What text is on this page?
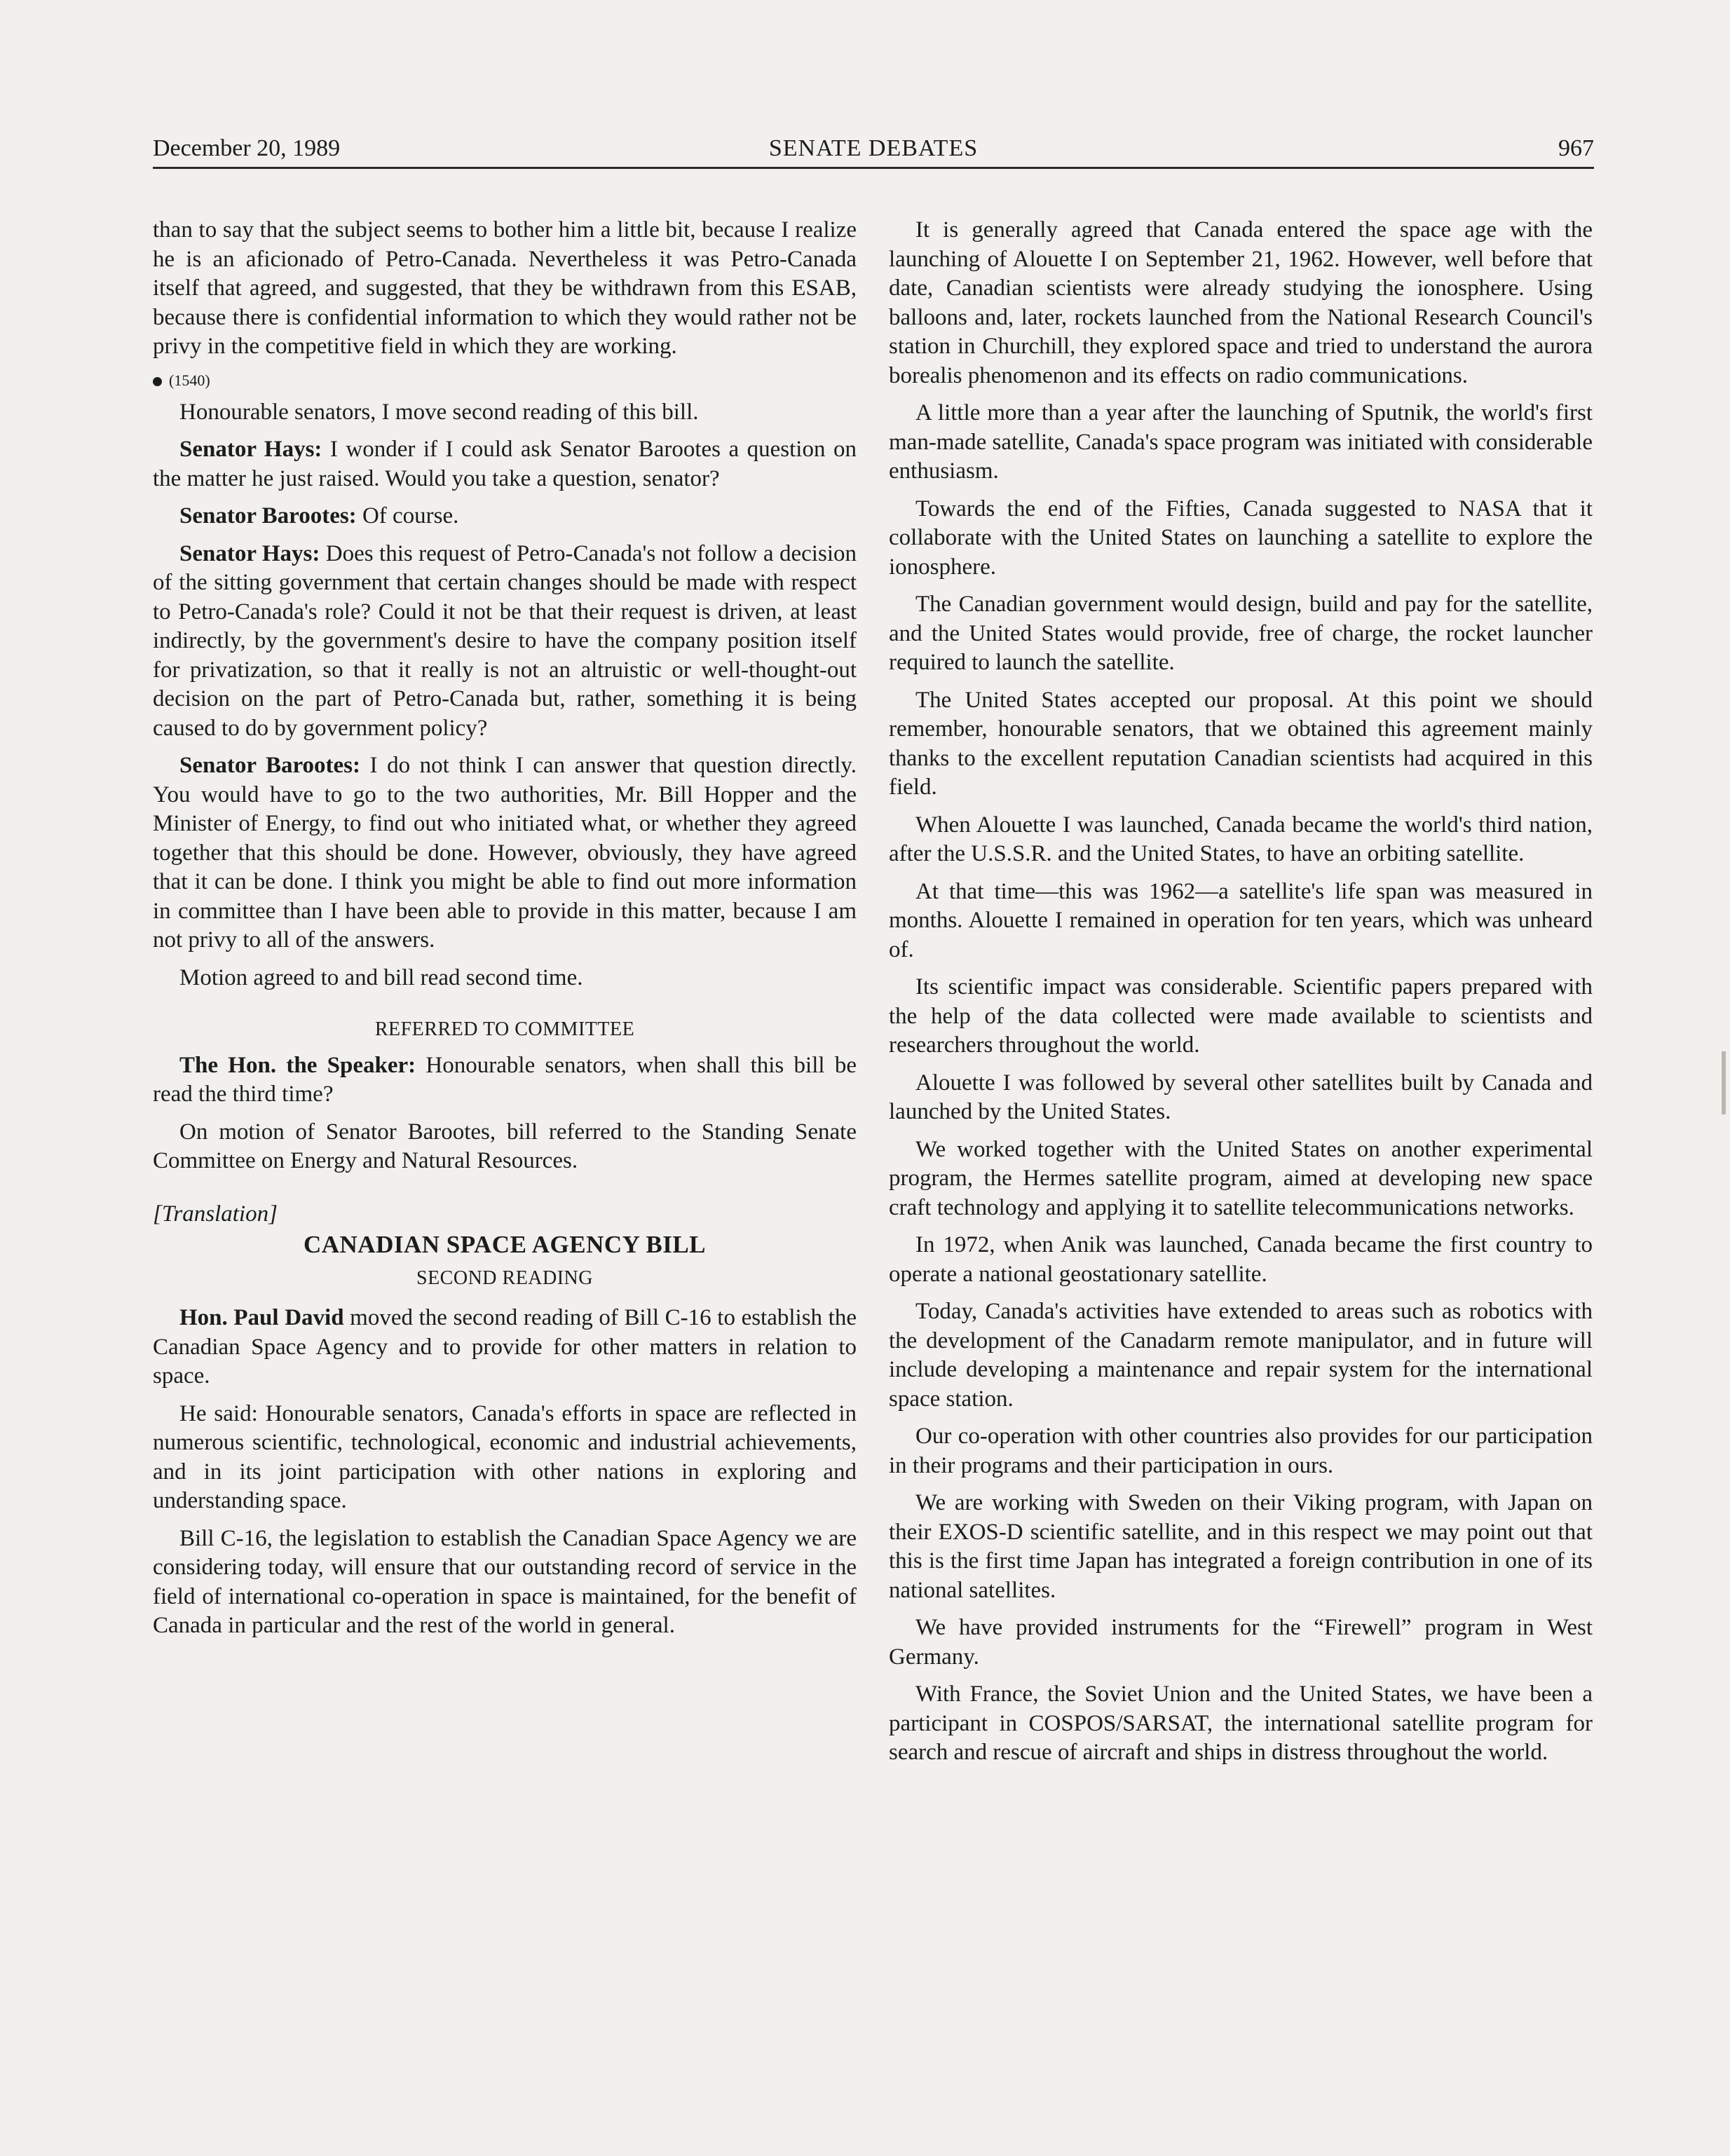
December 20, 1989	SENATE DEBATES	967

than to say that the subject seems to bother him a little bit, because I realize he is an aficionado of Petro-Canada. Nevertheless it was Petro-Canada itself that agreed, and suggested, that they be withdrawn from this ESAB, because there is confidential information to which they would rather not be privy in the competitive field in which they are working.

(1540)

Honourable senators, I move second reading of this bill.

Senator Hays: I wonder if I could ask Senator Barootes a question on the matter he just raised. Would you take a question, senator?

Senator Barootes: Of course.

Senator Hays: Does this request of Petro-Canada's not follow a decision of the sitting government that certain changes should be made with respect to Petro-Canada's role? Could it not be that their request is driven, at least indirectly, by the government's desire to have the company position itself for privatization, so that it really is not an altruistic or well-thought-out decision on the part of Petro-Canada but, rather, something it is being caused to do by government policy?

Senator Barootes: I do not think I can answer that question directly. You would have to go to the two authorities, Mr. Bill Hopper and the Minister of Energy, to find out who initiated what, or whether they agreed together that this should be done. However, obviously, they have agreed that it can be done. I think you might be able to find out more information in committee than I have been able to provide in this matter, because I am not privy to all of the answers.

Motion agreed to and bill read second time.

REFERRED TO COMMITTEE

The Hon. the Speaker: Honourable senators, when shall this bill be read the third time?

On motion of Senator Barootes, bill referred to the Standing Senate Committee on Energy and Natural Resources.

[Translation]
CANADIAN SPACE AGENCY BILL
SECOND READING

Hon. Paul David moved the second reading of Bill C-16 to establish the Canadian Space Agency and to provide for other matters in relation to space.

He said: Honourable senators, Canada's efforts in space are reflected in numerous scientific, technological, economic and industrial achievements, and in its joint participation with other nations in exploring and understanding space.

Bill C-16, the legislation to establish the Canadian Space Agency we are considering today, will ensure that our outstanding record of service in the field of international co-operation in space is maintained, for the benefit of Canada in particular and the rest of the world in general.

It is generally agreed that Canada entered the space age with the launching of Alouette I on September 21, 1962. However, well before that date, Canadian scientists were already studying the ionosphere. Using balloons and, later, rockets launched from the National Research Council's station in Churchill, they explored space and tried to understand the aurora borealis phenomenon and its effects on radio communications.

A little more than a year after the launching of Sputnik, the world's first man-made satellite, Canada's space program was initiated with considerable enthusiasm.

Towards the end of the Fifties, Canada suggested to NASA that it collaborate with the United States on launching a satellite to explore the ionosphere.

The Canadian government would design, build and pay for the satellite, and the United States would provide, free of charge, the rocket launcher required to launch the satellite.

The United States accepted our proposal. At this point we should remember, honourable senators, that we obtained this agreement mainly thanks to the excellent reputation Canadian scientists had acquired in this field.

When Alouette I was launched, Canada became the world's third nation, after the U.S.S.R. and the United States, to have an orbiting satellite.

At that time—this was 1962—a satellite's life span was measured in months. Alouette I remained in operation for ten years, which was unheard of.

Its scientific impact was considerable. Scientific papers prepared with the help of the data collected were made available to scientists and researchers throughout the world.

Alouette I was followed by several other satellites built by Canada and launched by the United States.

We worked together with the United States on another experimental program, the Hermes satellite program, aimed at developing new space craft technology and applying it to satellite telecommunications networks.

In 1972, when Anik was launched, Canada became the first country to operate a national geostationary satellite.

Today, Canada's activities have extended to areas such as robotics with the development of the Canadarm remote manipulator, and in future will include developing a maintenance and repair system for the international space station.

Our co-operation with other countries also provides for our participation in their programs and their participation in ours.

We are working with Sweden on their Viking program, with Japan on their EXOS-D scientific satellite, and in this respect we may point out that this is the first time Japan has integrated a foreign contribution in one of its national satellites.

We have provided instruments for the “Firewell” program in West Germany.

With France, the Soviet Union and the United States, we have been a participant in COSPOS/SARSAT, the international satellite program for search and rescue of aircraft and ships in distress throughout the world.
